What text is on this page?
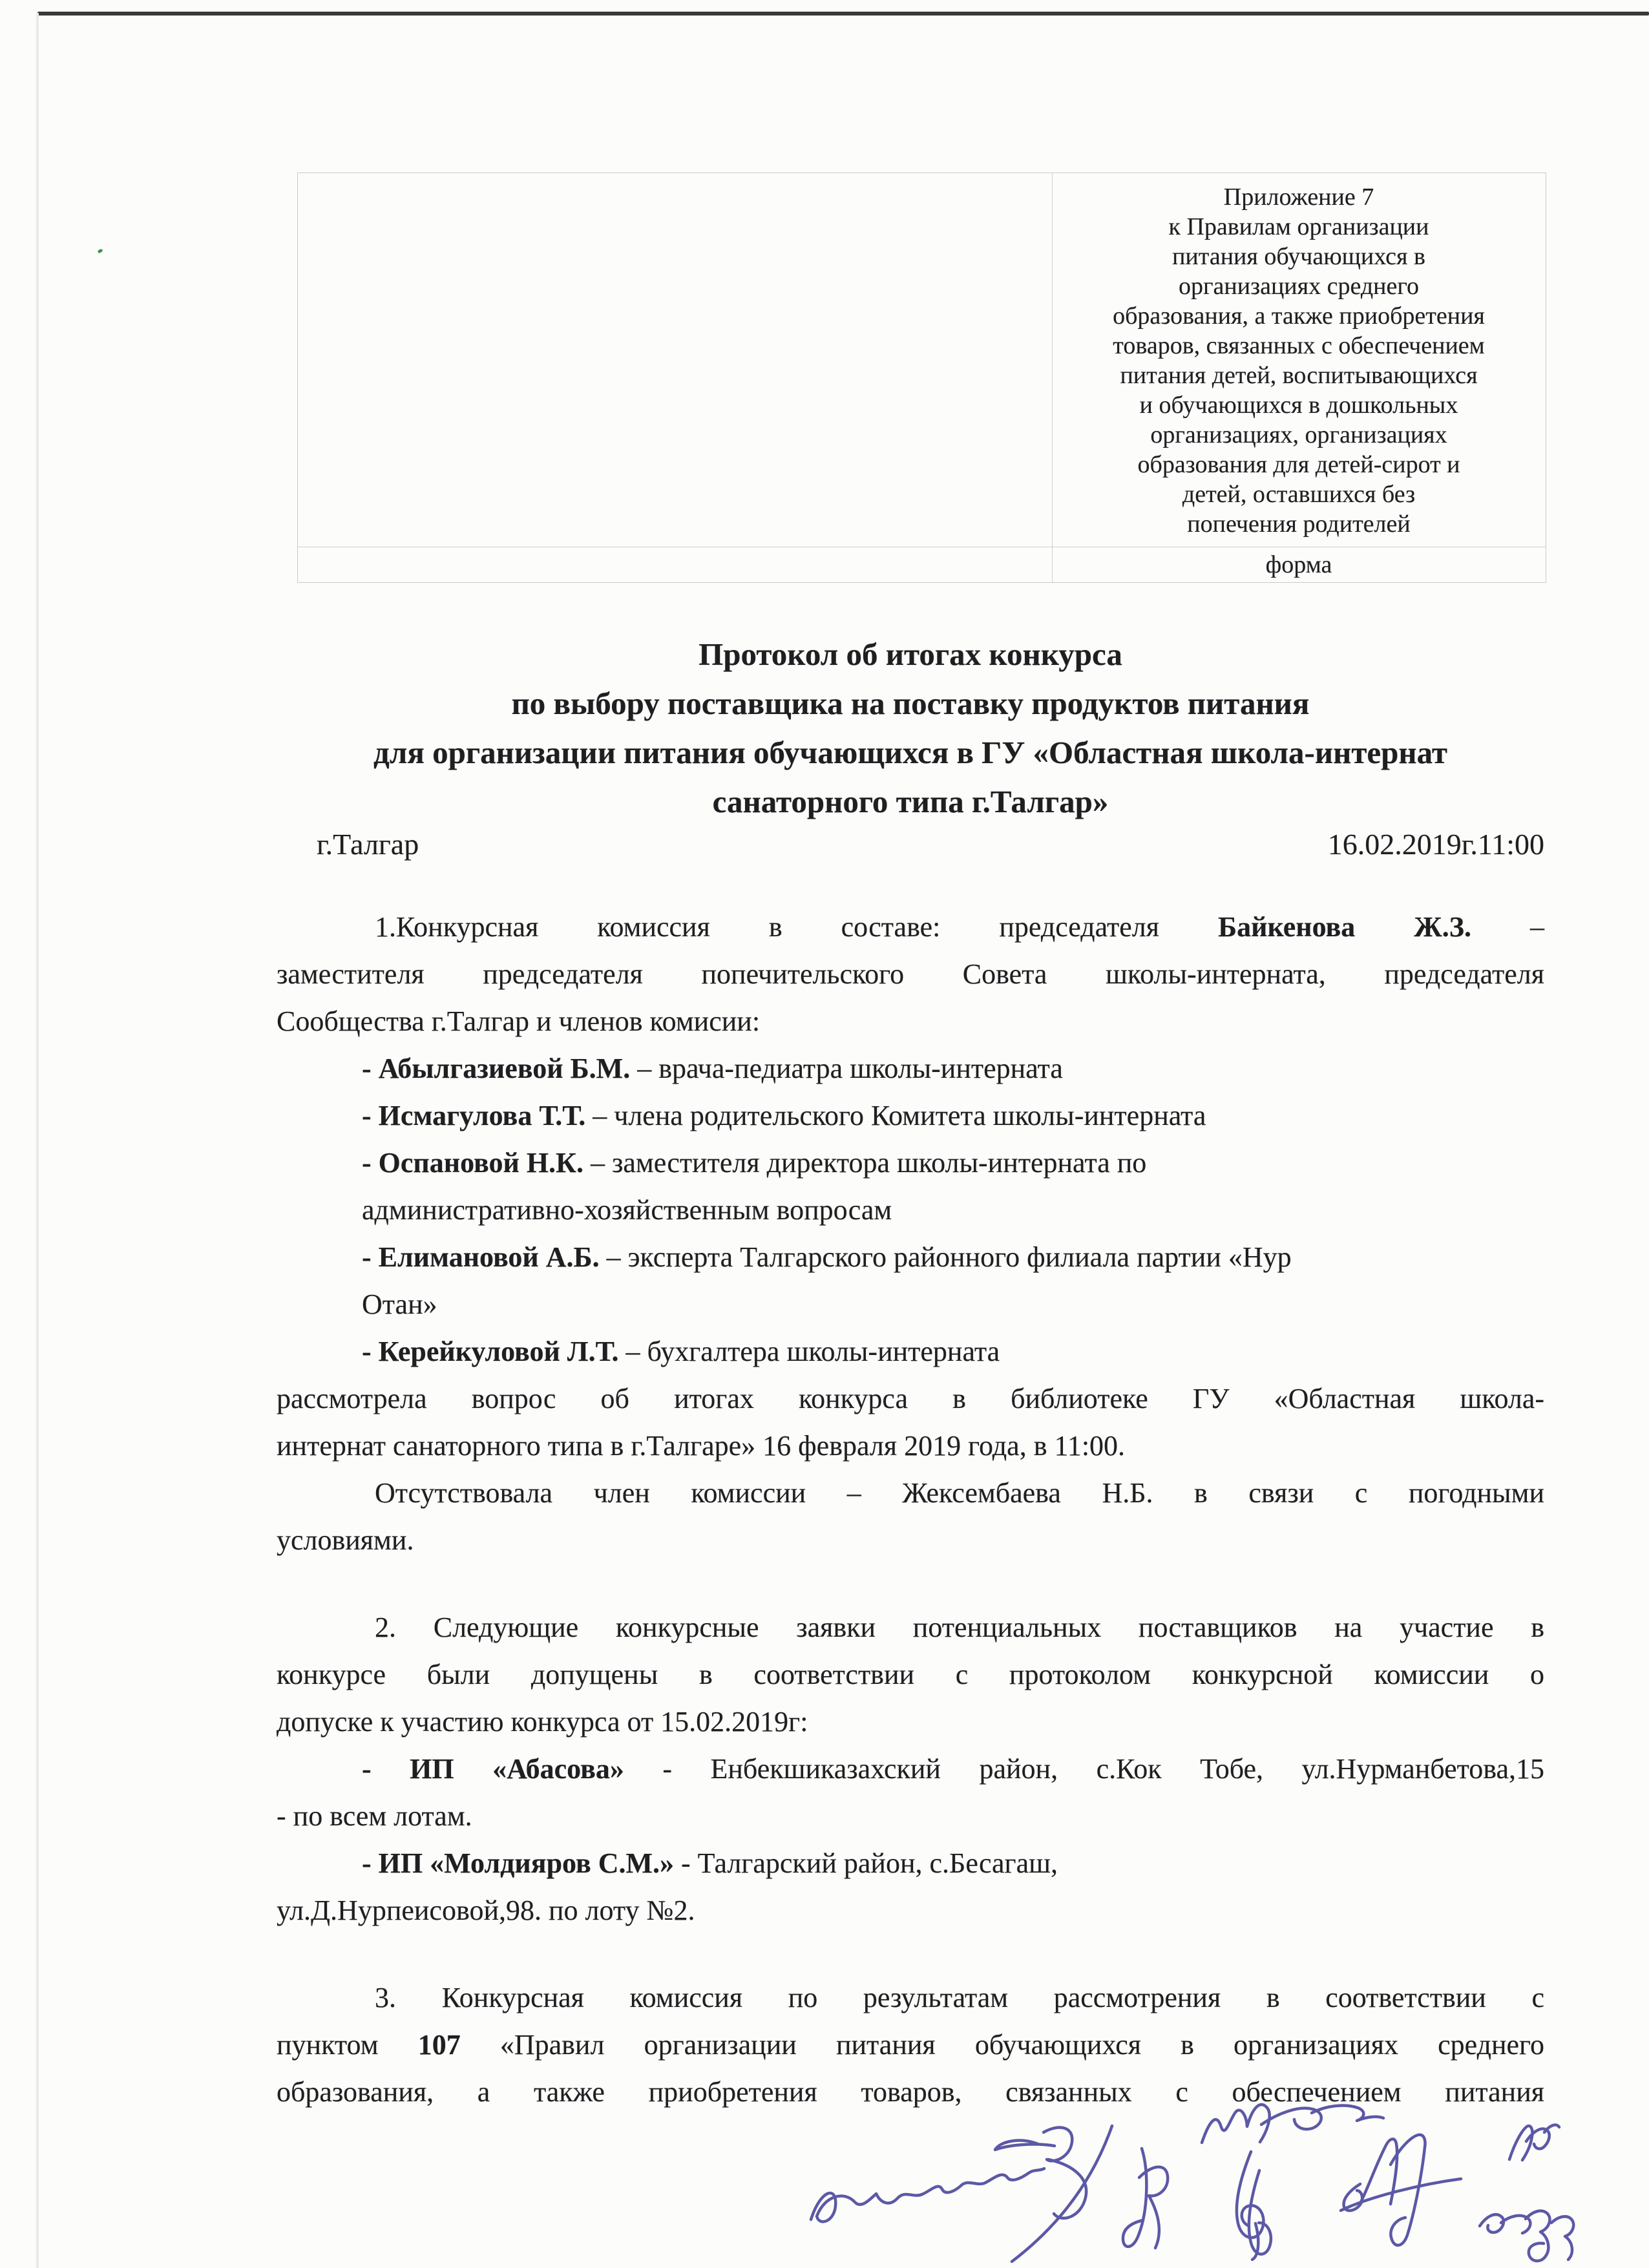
Приложение 7
к Правилам организации
питания обучающихся в
организациях среднего
образования, а также приобретения
товаров, связанных с обеспечением
питания детей, воспитывающихся
и обучающихся в дошкольных
организациях, организациях
образования для детей-сирот и
детей, оставшихся без
попечения родителей
форма
Протокол об итогах конкурса
по выбору поставщика на поставку продуктов питания
для организации питания обучающихся в ГУ «Областная школа-интернат
санаторного типа г.Талгар»
г.Талгар	16.02.2019г.11:00
1.Конкурсная комиссия в составе: председателя Байкенова Ж.З. –
заместителя председателя попечительского Совета школы-интерната, председателя
Сообщества г.Талгар и членов комисии:
- Абылгазиевой Б.М. – врача-педиатра школы-интерната
- Исмагулова Т.Т. – члена родительского Комитета школы-интерната
- Оспановой Н.К. – заместителя директора школы-интерната по
административно-хозяйственным вопросам
- Елимановой А.Б. – эксперта Талгарского районного филиала партии «Нур
Отан»
- Керейкуловой Л.Т. – бухгалтера школы-интерната
рассмотрела вопрос об итогах конкурса в библиотеке ГУ «Областная школа-
интернат санаторного типа в г.Талгаре» 16 февраля 2019 года, в 11:00.
Отсутствовала член комиссии – Жексембаева Н.Б. в связи с погодными
условиями.
2. Следующие конкурсные заявки потенциальных поставщиков на участие в
конкурсе были допущены в соответствии с протоколом конкурсной комиссии о
допуске к участию конкурса от 15.02.2019г:
- ИП «Абасова» - Енбекшиказахский район, с.Кок Тобе, ул.Нурманбетова,15
- по всем лотам.
- ИП «Молдияров С.М.» - Талгарский район, с.Бесагаш,
ул.Д.Нурпеисовой,98. по лоту №2.
3. Конкурсная комиссия по результатам рассмотрения в соответствии с
пунктом 107 «Правил организации питания обучающихся в организациях среднего
образования, а также приобретения товаров, связанных с обеспечением питания
